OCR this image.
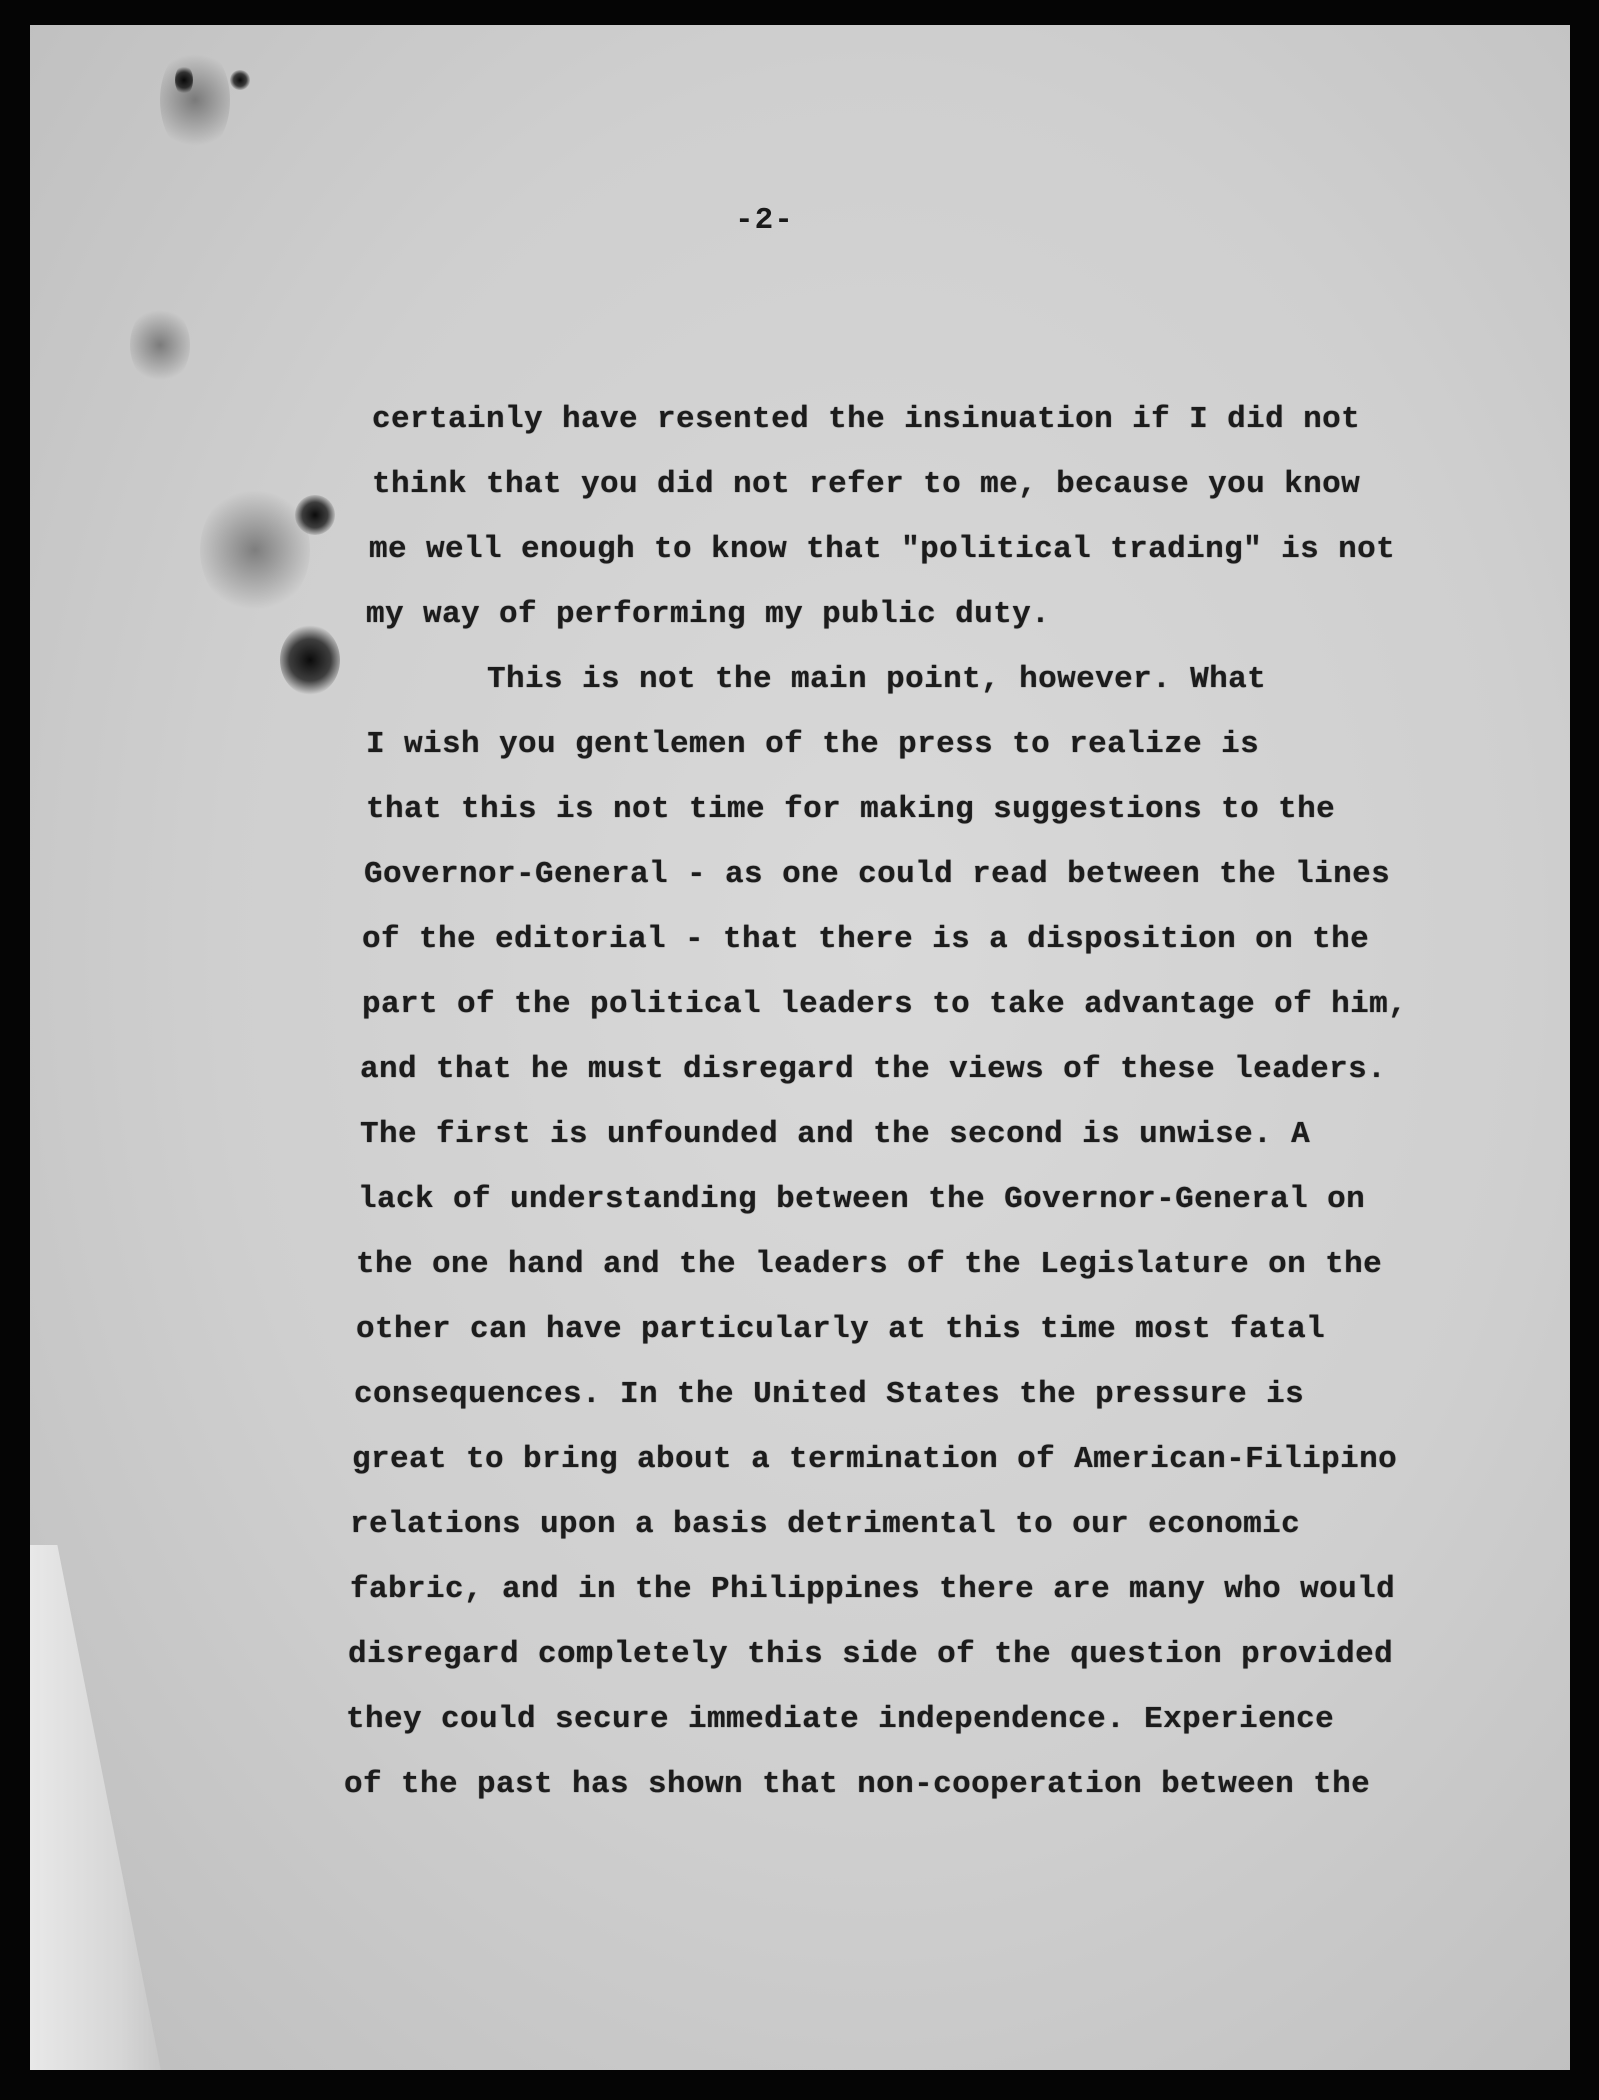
-2-
certainly have resented the insinuation if I did not
think that you did not refer to me, because you know
me well enough to know that "political trading" is not
my way of performing my public duty.
This is not the main point, however. What
I wish you gentlemen of the press to realize is
that this is not time for making suggestions to the
Governor-General - as one could read between the lines
of the editorial - that there is a disposition on the
part of the political leaders to take advantage of him,
and that he must disregard the views of these leaders.
The first is unfounded and the second is unwise. A
lack of understanding between the Governor-General on
the one hand and the leaders of the Legislature on the
other can have particularly at this time most fatal
consequences. In the United States the pressure is
great to bring about a termination of American-Filipino
relations upon a basis detrimental to our economic
fabric, and in the Philippines there are many who would
disregard completely this side of the question provided
they could secure immediate independence. Experience
of the past has shown that non-cooperation between the
